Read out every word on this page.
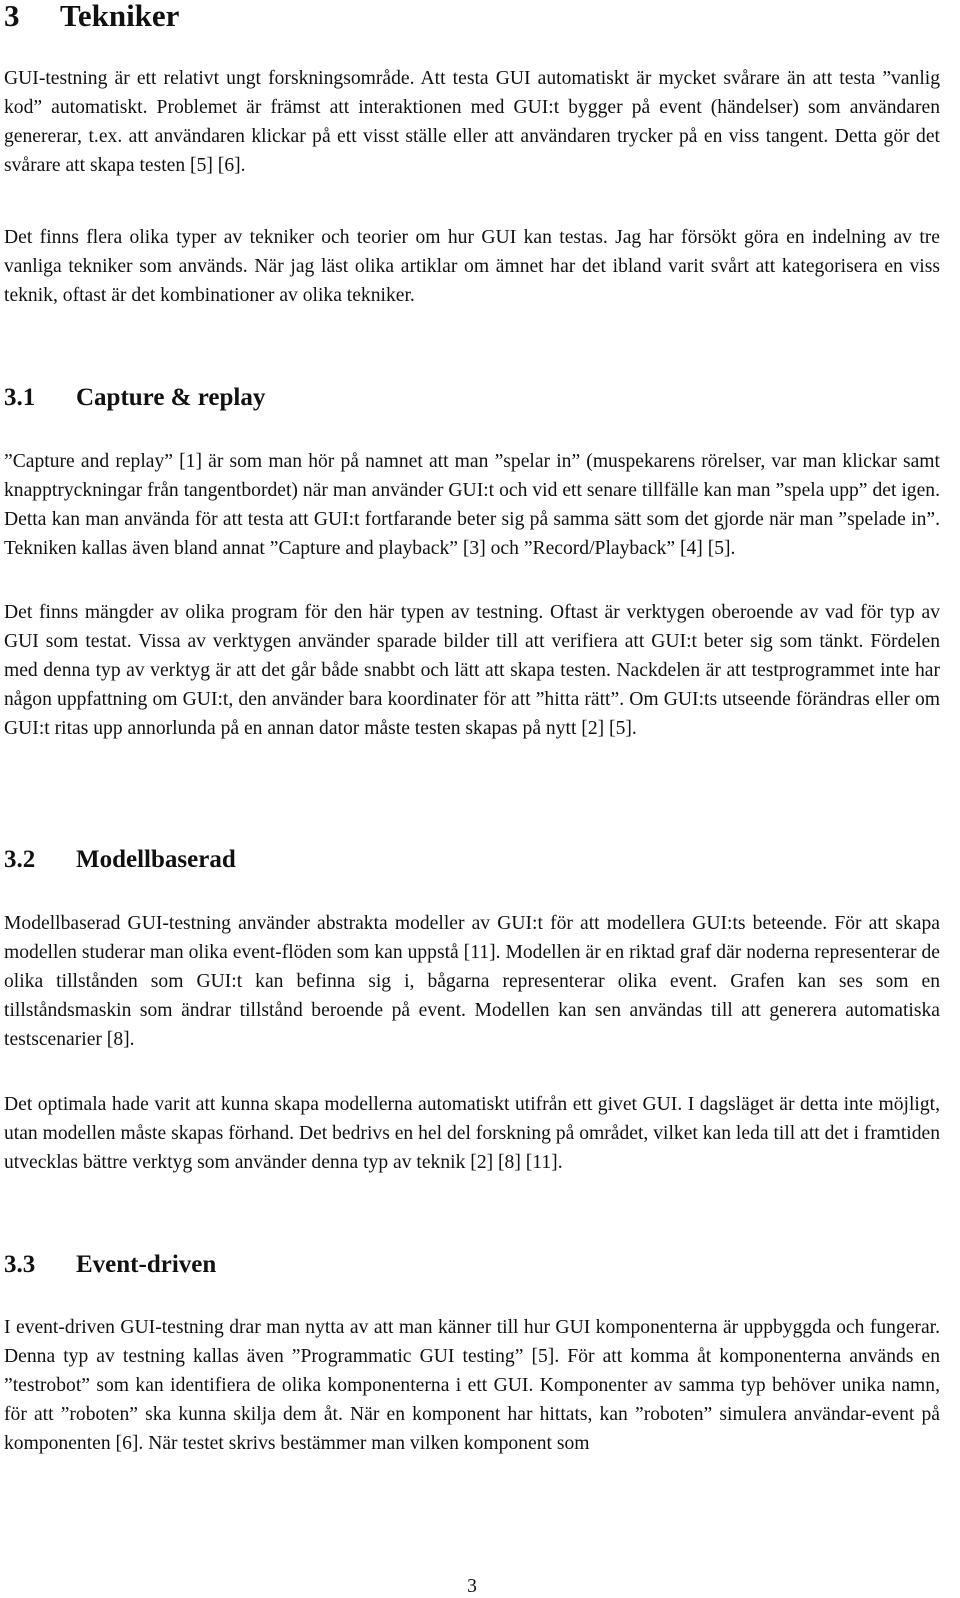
3 Tekniker

GUI-testning är ett relativt ungt forskningsområde. Att testa GUI automatiskt är mycket svårare än att testa ”vanlig kod” automatiskt. Problemet är främst att interaktionen med GUI:t bygger på event (händelser) som användaren genererar, t.ex. att användaren klickar på ett visst ställe eller att användaren trycker på en viss tangent. Detta gör det svårare att skapa testen [5] [6].

Det finns flera olika typer av tekniker och teorier om hur GUI kan testas. Jag har försökt göra en indelning av tre vanliga tekniker som används. När jag läst olika artiklar om ämnet har det ibland varit svårt att kategorisera en viss teknik, oftast är det kombinationer av olika tekniker.

3.1 Capture & replay

”Capture and replay” [1] är som man hör på namnet att man ”spelar in” (muspekarens rörelser, var man klickar samt knapptryckningar från tangentbordet) när man använder GUI:t och vid ett senare tillfälle kan man ”spela upp” det igen. Detta kan man använda för att testa att GUI:t fortfarande beter sig på samma sätt som det gjorde när man ”spelade in”. Tekniken kallas även bland annat ”Capture and playback” [3] och ”Record/Playback” [4] [5].

Det finns mängder av olika program för den här typen av testning. Oftast är verktygen oberoende av vad för typ av GUI som testat. Vissa av verktygen använder sparade bilder till att verifiera att GUI:t beter sig som tänkt. Fördelen med denna typ av verktyg är att det går både snabbt och lätt att skapa testen. Nackdelen är att testprogrammet inte har någon uppfattning om GUI:t, den använder bara koordinater för att ”hitta rätt”. Om GUI:ts utseende förändras eller om GUI:t ritas upp annorlunda på en annan dator måste testen skapas på nytt [2] [5].

3.2 Modellbaserad

Modellbaserad GUI-testning använder abstrakta modeller av GUI:t för att modellera GUI:ts beteende. För att skapa modellen studerar man olika event-flöden som kan uppstå [11]. Modellen är en riktad graf där noderna representerar de olika tillstånden som GUI:t kan befinna sig i, bågarna representerar olika event. Grafen kan ses som en tillståndsmaskin som ändrar tillstånd beroende på event. Modellen kan sen användas till att generera automatiska testscenarier [8].

Det optimala hade varit att kunna skapa modellerna automatiskt utifrån ett givet GUI. I dagsläget är detta inte möjligt, utan modellen måste skapas förhand. Det bedrivs en hel del forskning på området, vilket kan leda till att det i framtiden utvecklas bättre verktyg som använder denna typ av teknik [2] [8] [11].

3.3 Event-driven

I event-driven GUI-testning drar man nytta av att man känner till hur GUI komponenterna är uppbyggda och fungerar. Denna typ av testning kallas även ”Programmatic GUI testing” [5]. För att komma åt komponenterna används en ”testrobot” som kan identifiera de olika komponenterna i ett GUI. Komponenter av samma typ behöver unika namn, för att ”roboten” ska kunna skilja dem åt. När en komponent har hittats, kan ”roboten” simulera användar-event på komponenten [6]. När testet skrivs bestämmer man vilken komponent som

3
